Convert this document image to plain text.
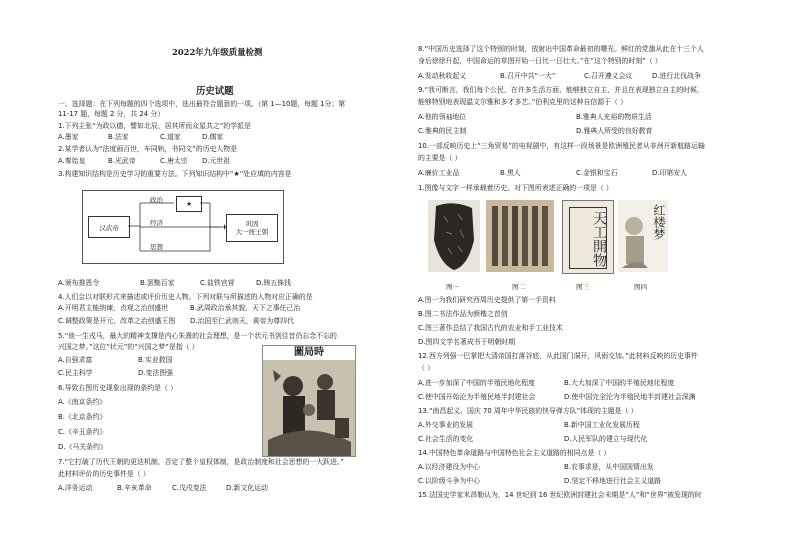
2022年九年级质量检测
历史试题
一、选择题：在下列每题的四个选项中，选出最符合题意的一项。（第 1—10题，每题 1分；第
11-17 题，每题 2 分，共 24 分）
1.下列主张“为政以德，譬如北辰，居其所而众星共之”的学派是
A.墨家	B.法家	C.道家	D.儒家
2.某学者认为“法度画百世，车同轨，书同文”的历史人物是
A.秦始皇	B.光武帝	C.唐太宗 D.元世祖
3.构建知识结构是历史学习的重要方法。下列知识结构中“★”处应填的内容是
汉武帝
★
巩固
大一统王朝
政治
经济
思想
A.颁布推恩令	B.罢黜百家	C.盐铁官营	D.铸五铢钱
4.人们会以对联形式来描述或评价历史人物。下列对联与所描述的人物对应正确的是
A.开明君主能纳谏，贞观之治创盛世	B.武周政治承其貌，天下之事任己治
C.调整政策是开元，改革之治创盛王图 D.治国至仁武则天，黄帝为尊四代
5.“他一生戎马，最大的精神支撑是内心朱熹的社会理想，是一个状元书剑往昔仍忘念不忘的
兴国之梦。”这位“状元”的“兴国之梦”是指（ ）
A.自强求富	B.实业救国
C.民主科学	D.变法图强
6.导致右图历史现象出现的条约是（ ）
A.《南京条约》
B.《北京条约》
C.《辛丑条约》
D.《马关条约》
圖局時
7.“它打破了历代王朝的更迭机制，否定了整个皇权体制，是政治制度和社会思想的一大跃进。”
此材料评价的历史事件是（ ）
A.洋务运动	B.辛亥革命	C.戊戌变法	D.新文化运动
8.“中国历史选择了这个特别的时刻，放射出中国革命最初的曙光。鲜红的党旗从此在十三个人
身后徐徐升起，中国命运的草图开始一日比一日壮大。”在“这个特别的时刻”（ ）
A.发动秋收起义	B.召开中共“一大”	C.召开遵义会议	D.进行北伐战争
9.“我可断言，我们每个公民，在许多生活方面，能够独立自主，并且在表现独立自主的时候，
能够特别地表现温文尔雅和多才多艺。”伯利克里的这种自信源于（ ）
A.他的领袖地位	B.雅典人充裕的物质生活
C.雅典的民主制	D.雅典人所受的良好教育
10.一部反映历史上“三角贸易”的电视剧中，有这样一段场景是欧洲殖民者从非洲开新航路运输
的主要是（ ）
A.廉价工业品	B.黑人	C.金银和宝石	D.印第安人
1.图像与文字一样承载着历史。对下图所表述正确的一项是（ ）
天工開物	红楼梦
图一	图二	图三	图四
A.图一为我们研究西周历史提供了第一手资料
B.图二书法作品为颜楷之首创
C.图三著作总结了我国古代的农业和手工业技术
D.图四文学名著成书于明朝时期
12.西方列强一巴掌把大清帝国打落谷底，从此国门洞开，风雨交加。”此材料反映的历史事件
（ ）
A.进一步加深了中国的半殖民地化程度	B.大大加深了中国的半殖民地化程度
C.使中国开始沦为半殖民地半封建社会	D.使中国完全沦为半殖民地半封建社会深渊
13.“南昌起义，国庆 70 周年中华民族的快导弹方队”体现的主题是（ ）
A.外交事业的发展	B.新中国工业化发展历程
C.社会生活的变化	D.人民军队的建立与现代化
14.中国特色革命道路与中国特色社会主义道路的相同点是（ ）
A.以经济建设为中心	B.农事求是，从中国国情出发
C.以阶级斗争为中心	D.坚定不移地进行社会主义道路
15.法国史学家米昂勒认为，14 世纪到 16 世纪欧洲封建社会末期是“人”和“世界”被发现的时
